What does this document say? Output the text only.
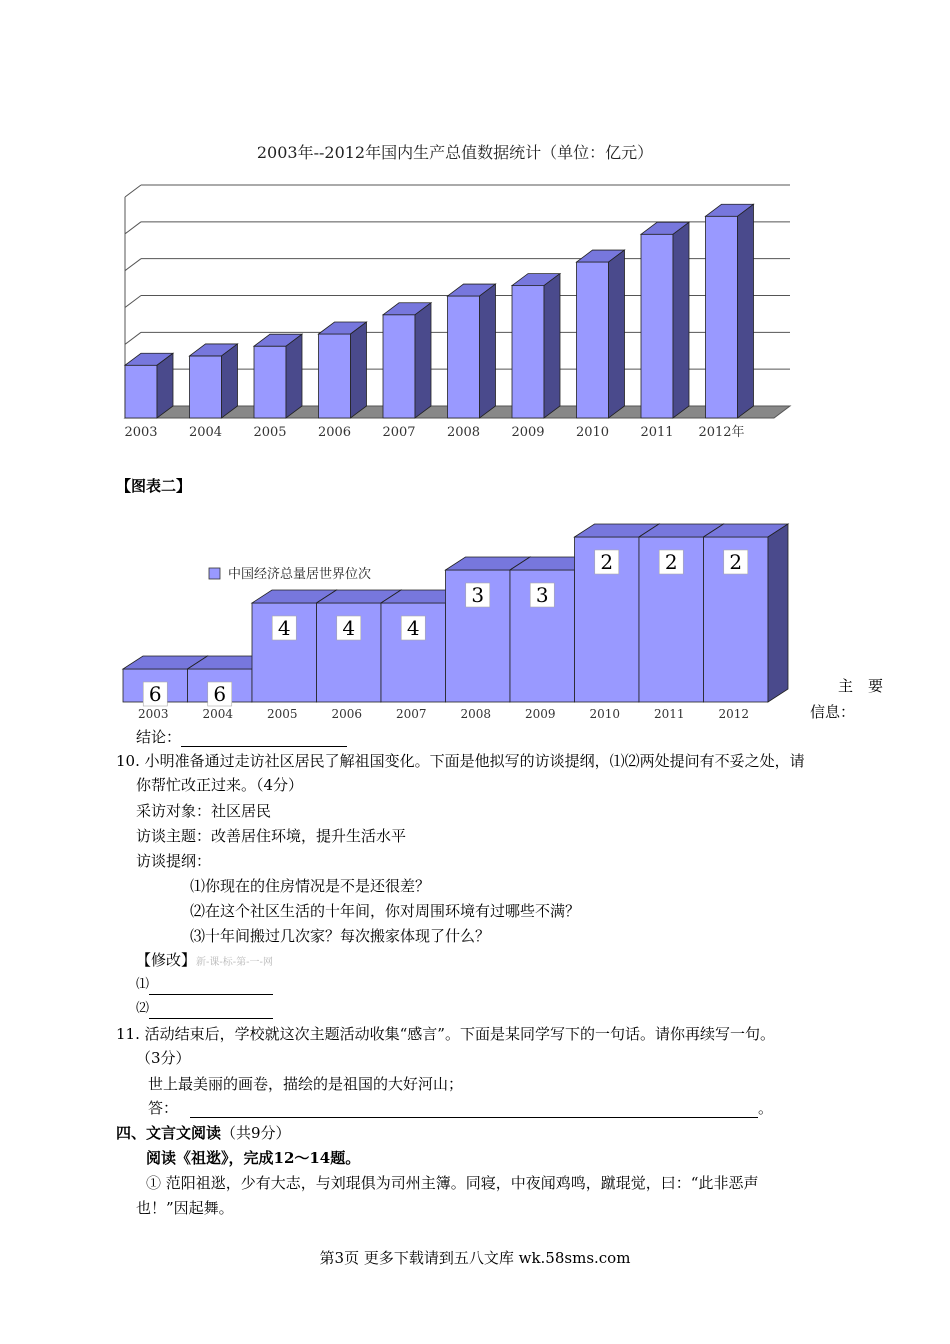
2003年--2012年国内生产总值数据统计（单位：亿元）
2003 2004 2005 2006 2007 2008 2009 2010 2011 2012年
【图表二】
6	6
4	4	4
3	3
2	2	2
2003	2004	2005	2006	2007	2008	2009	2010	2011	2012
中国经济总量居世界位次
主　要
信息：
结论：
10. 小明准备通过走访社区居民了解祖国变化。下面是他拟写的访谈提纲，⑴⑵两处提问有不妥之处，请
你帮忙改正过来。（4分）
采访对象：社区居民
访谈主题：改善居住环境，提升生活水平
访谈提纲：
⑴你现在的住房情况是不是还很差？
⑵在这个社区生活的十年间，你对周围环境有过哪些不满？
⑶十年间搬过几次家？每次搬家体现了什么？
【修改】新-课-标-第-一-网
⑴
⑵
11. 活动结束后，学校就这次主题活动收集“感言”。下面是某同学写下的一句话。请你再续写一句。
（3分）
世上最美丽的画卷，描绘的是祖国的大好河山；
答：	。
四、文言文阅读（共9分）
阅读《祖逖》，完成12～14题。
① 范阳祖逖，少有大志，与刘琨俱为司州主簿。同寝，中夜闻鸡鸣，蹴琨觉，曰：“此非恶声
也！”因起舞。
第3页 更多下载请到五八文库 wk.58sms.com
